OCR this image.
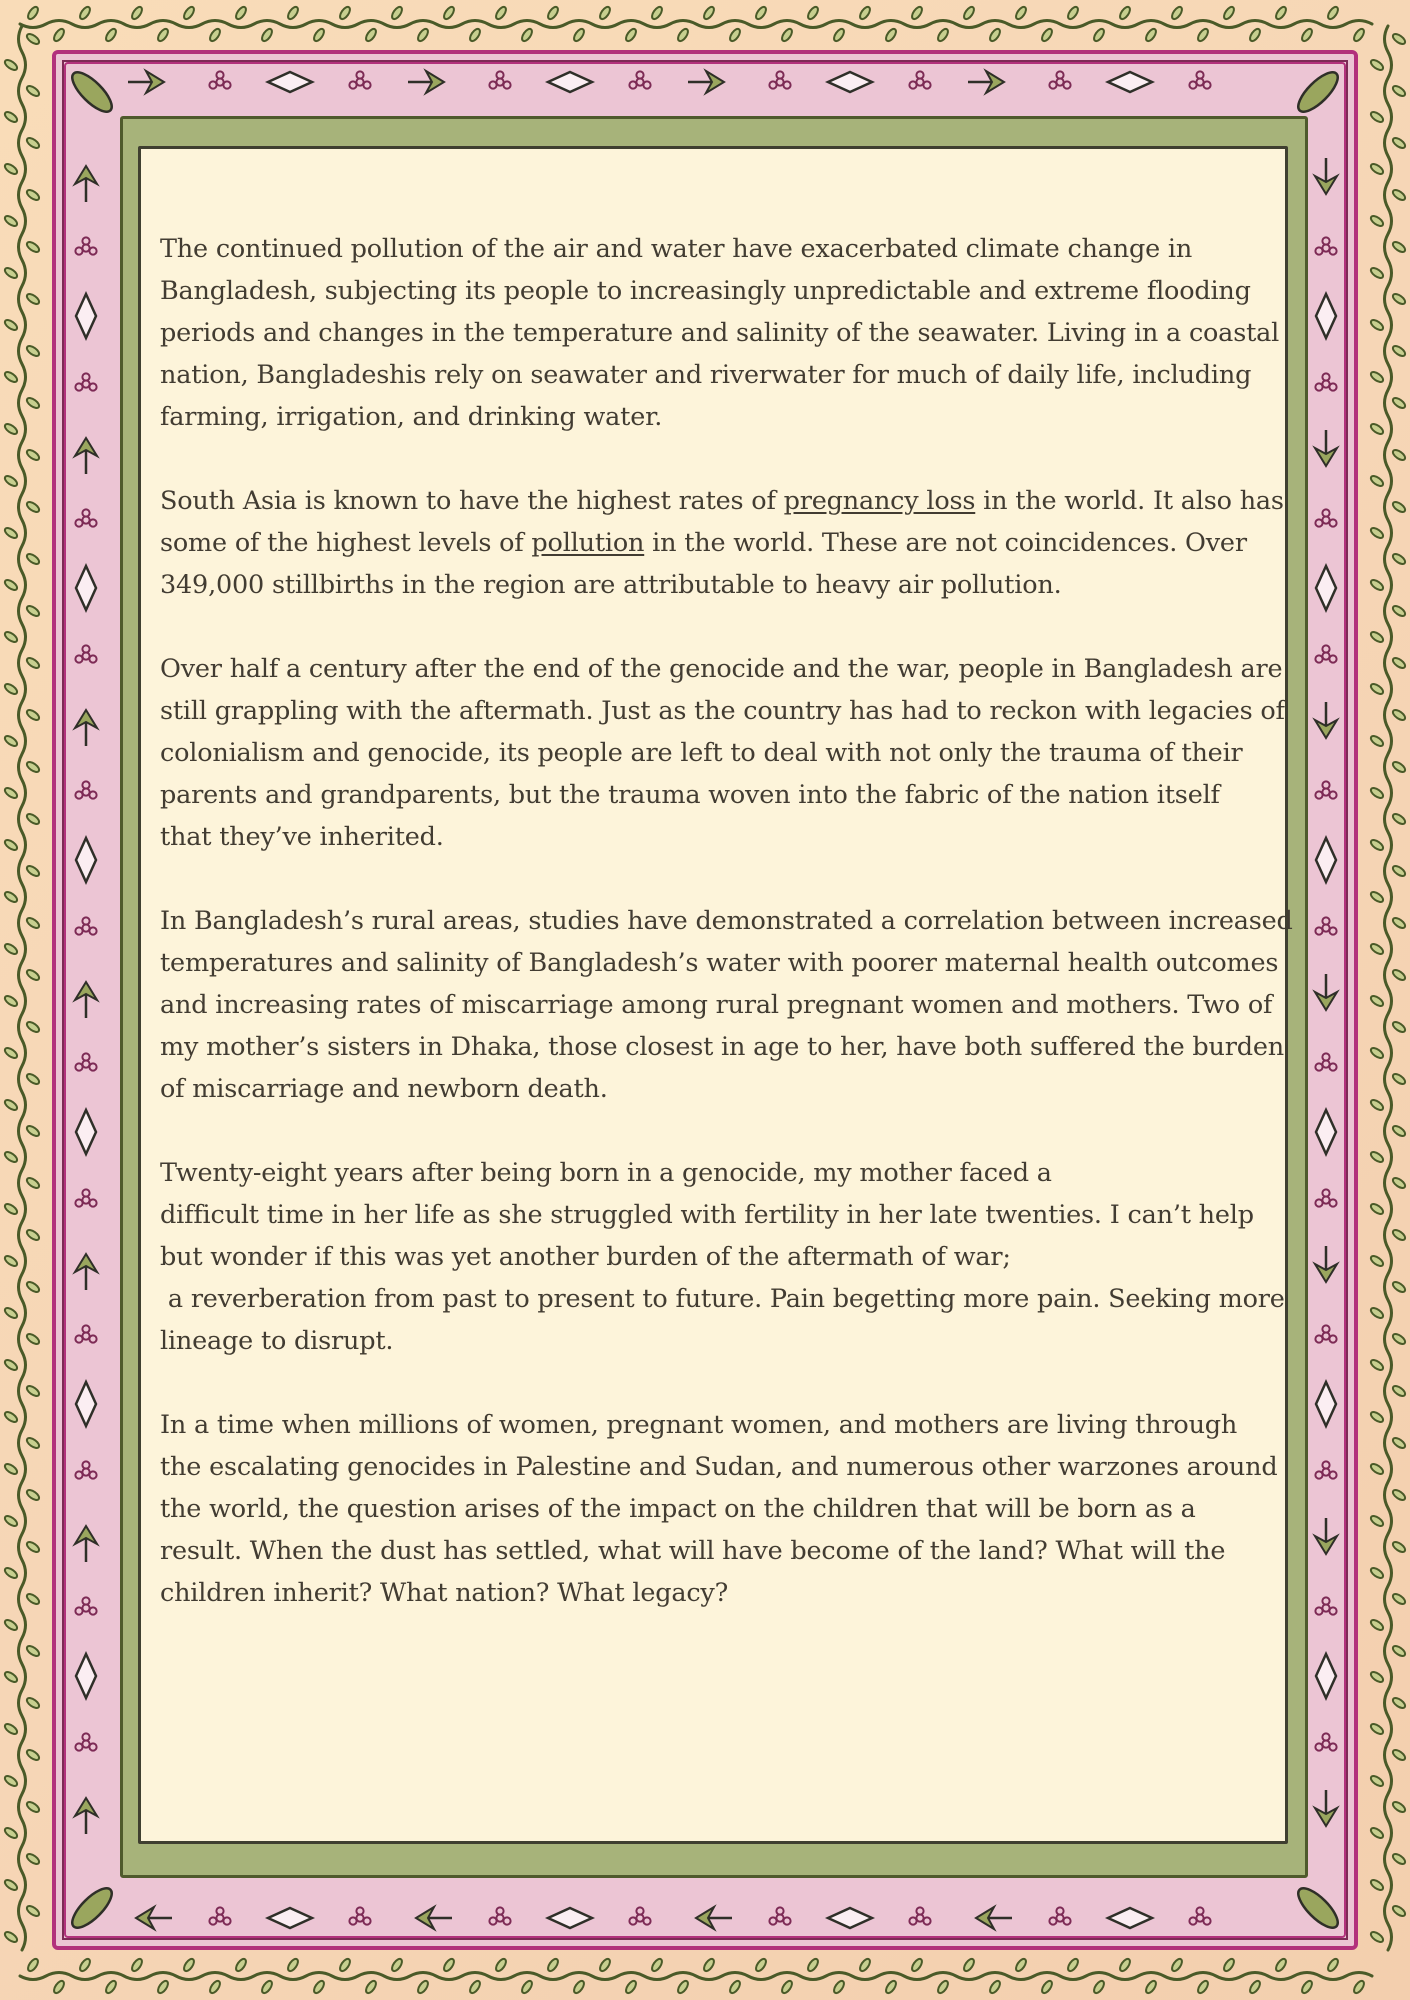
The continued pollution of the air and water have exacerbated climate change in
Bangladesh, subjecting its people to increasingly unpredictable and extreme flooding
periods and changes in the temperature and salinity of the seawater. Living in a coastal
nation, Bangladeshis rely on seawater and riverwater for much of daily life, including
farming, irrigation, and drinking water.

South Asia is known to have the highest rates of pregnancy loss in the world. It also has
some of the highest levels of pollution in the world. These are not coincidences. Over
349,000 stillbirths in the region are attributable to heavy air pollution.

Over half a century after the end of the genocide and the war, people in Bangladesh are
still grappling with the aftermath. Just as the country has had to reckon with legacies of
colonialism and genocide, its people are left to deal with not only the trauma of their
parents and grandparents, but the trauma woven into the fabric of the nation itself
that they’ve inherited.

In Bangladesh’s rural areas, studies have demonstrated a correlation between increased
temperatures and salinity of Bangladesh’s water with poorer maternal health outcomes
and increasing rates of miscarriage among rural pregnant women and mothers. Two of
my mother’s sisters in Dhaka, those closest in age to her, have both suffered the burden
of miscarriage and newborn death.

Twenty-eight years after being born in a genocide, my mother faced a
difficult time in her life as she struggled with fertility in her late twenties. I can’t help
but wonder if this was yet another burden of the aftermath of war;
a reverberation from past to present to future. Pain begetting more pain. Seeking more
lineage to disrupt.

In a time when millions of women, pregnant women, and mothers are living through
the escalating genocides in Palestine and Sudan, and numerous other warzones around
the world, the question arises of the impact on the children that will be born as a
result. When the dust has settled, what will have become of the land? What will the
children inherit? What nation? What legacy?
